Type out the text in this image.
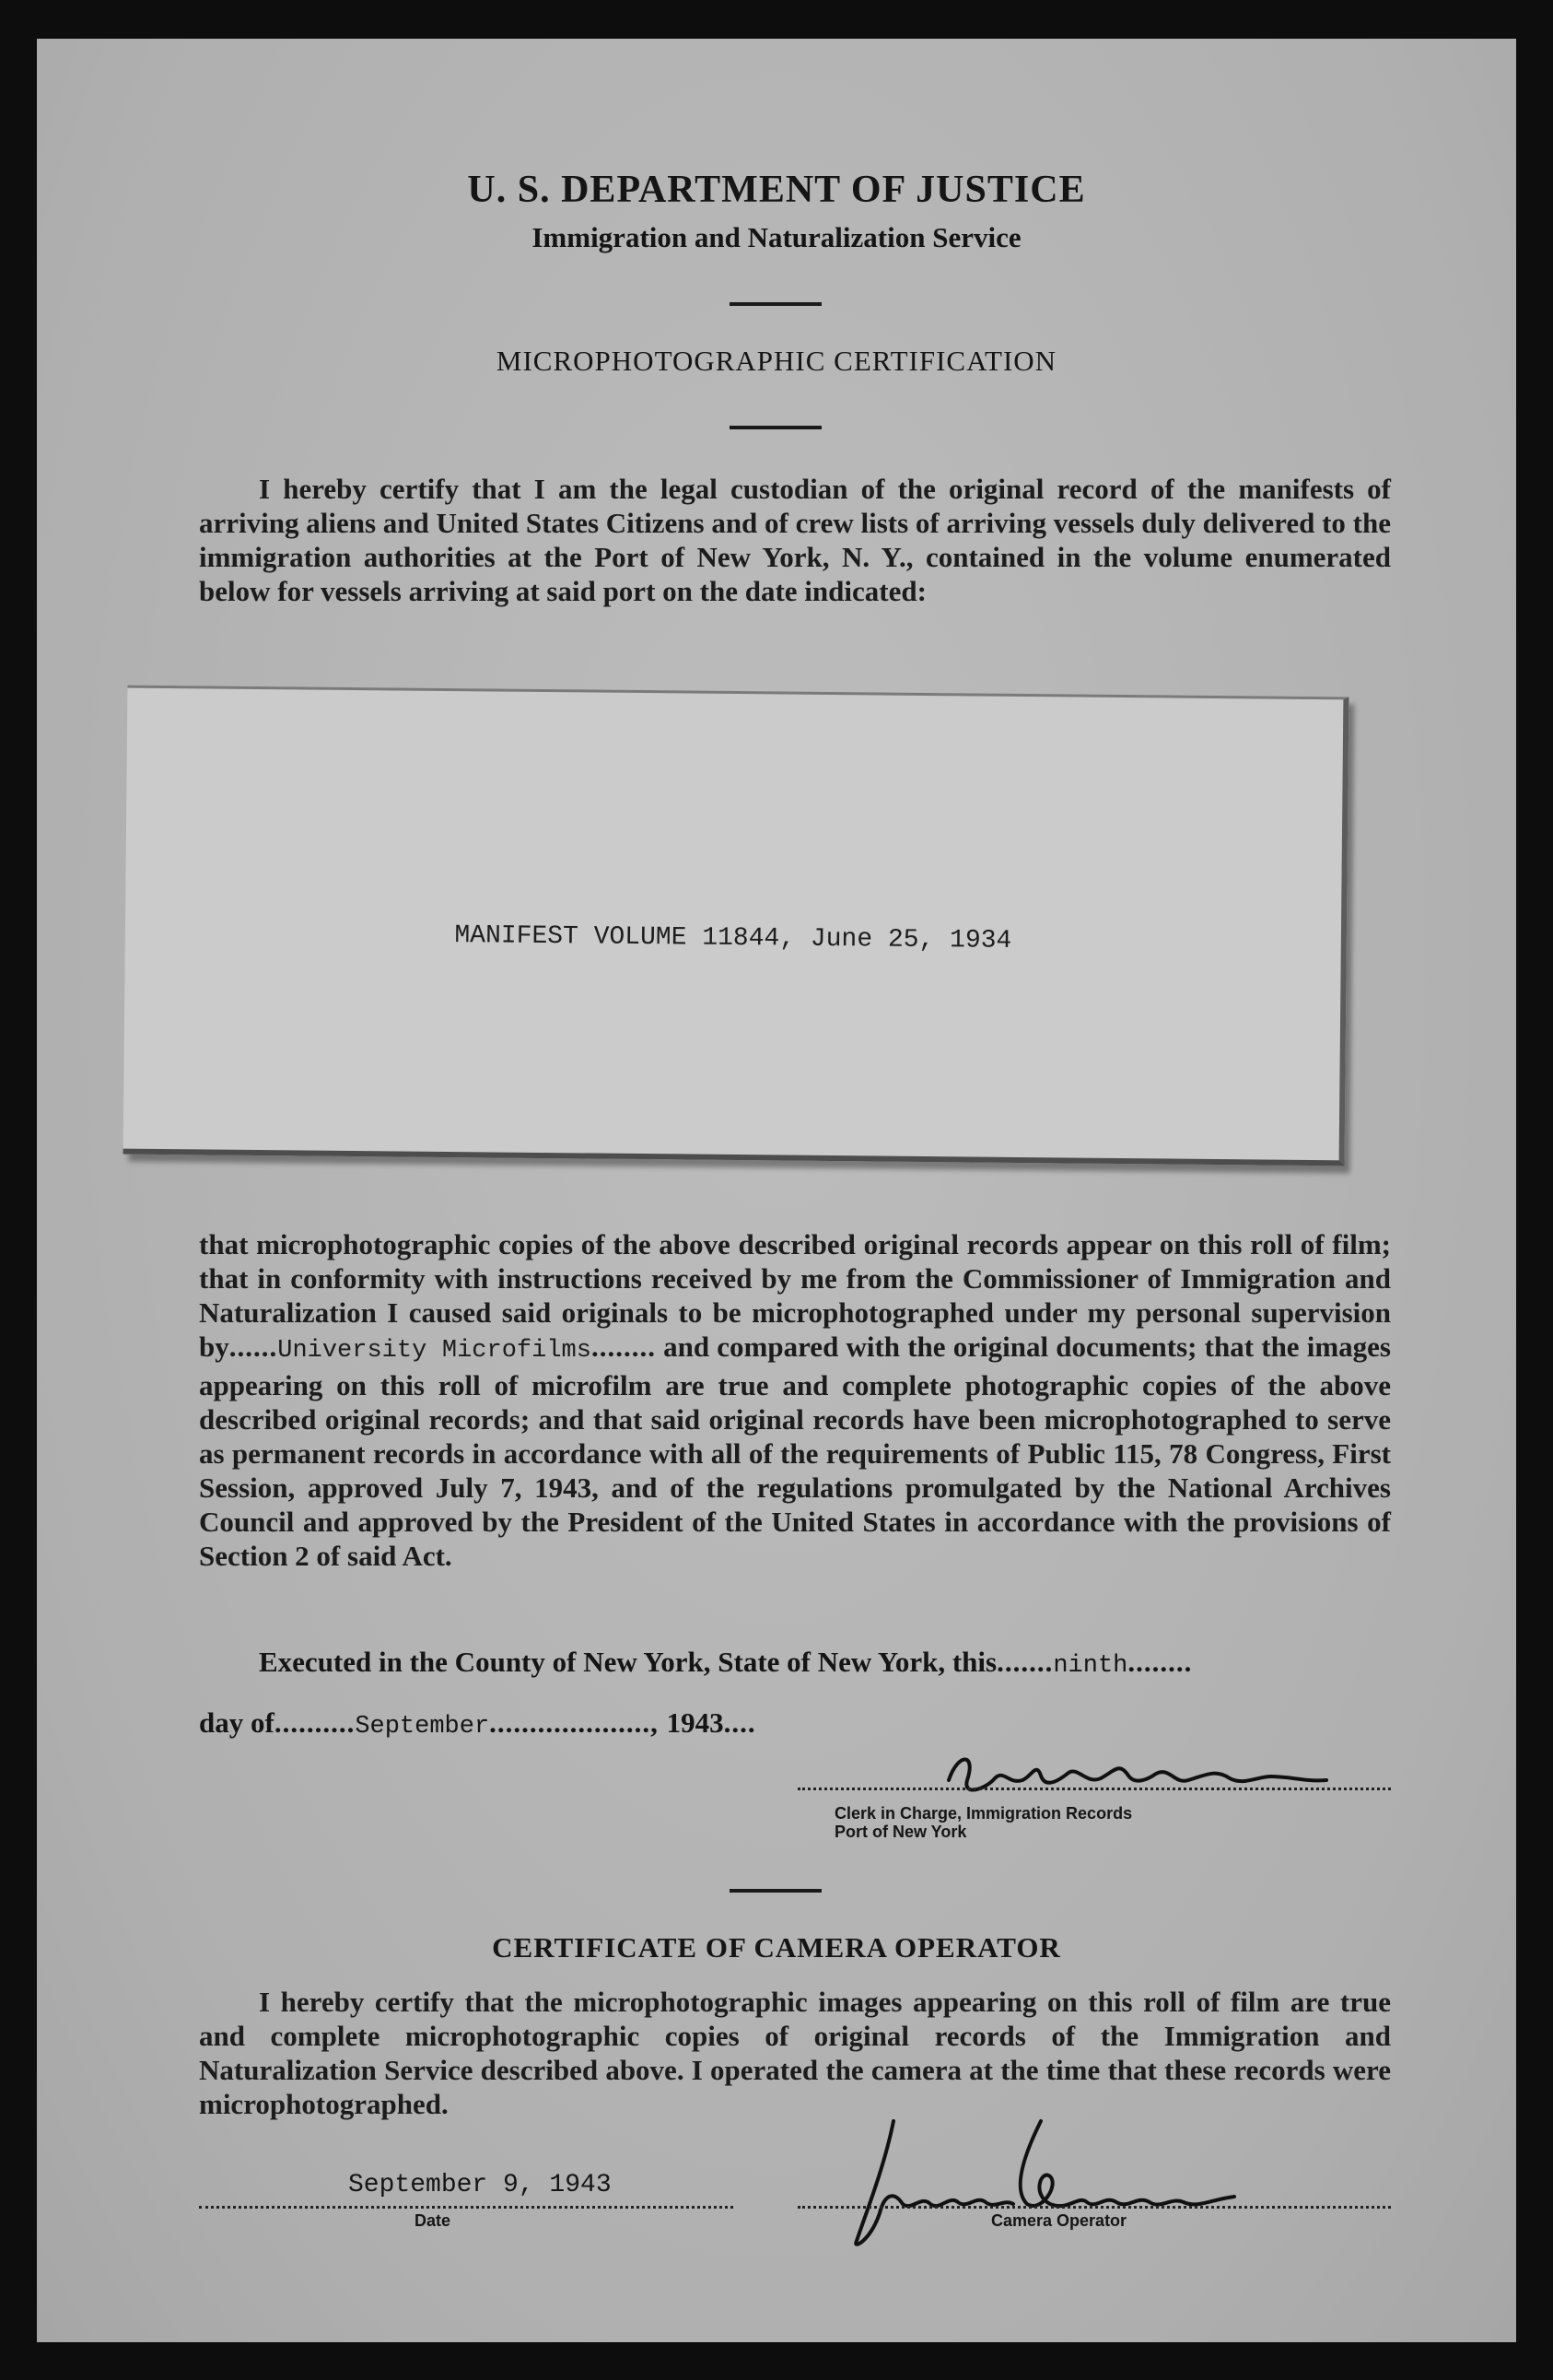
U. S. DEPARTMENT OF JUSTICE
Immigration and Naturalization Service
MICROPHOTOGRAPHIC CERTIFICATION
I hereby certify that I am the legal custodian of the original record of the manifests of arriving aliens and United States Citizens and of crew lists of arriving vessels duly delivered to the immigration authorities at the Port of New York, N. Y., contained in the volume enumerated below for vessels arriving at said port on the date indicated:
MANIFEST VOLUME 11844, June 25, 1934
that microphotographic copies of the above described original records appear on this roll of film; that in conformity with instructions received by me from the Commissioner of Immigration and Naturalization I caused said originals to be microphotographed under my personal supervision by......University Microfilms........ and compared with the original documents; that the images appearing on this roll of microfilm are true and complete photographic copies of the above described original records; and that said original records have been microphotographed to serve as permanent records in accordance with all of the requirements of Public 115, 78 Congress, First Session, approved July 7, 1943, and of the regulations promulgated by the National Archives Council and approved by the President of the United States in accordance with the provisions of Section 2 of said Act.
Executed in the County of New York, State of New York, this.......ninth........
day of..........September...................., 1943....
Clerk in Charge, Immigration Records
Port of New York
CERTIFICATE OF CAMERA OPERATOR
I hereby certify that the microphotographic images appearing on this roll of film are true and complete microphotographic copies of original records of the Immigration and Naturalization Service described above. I operated the camera at the time that these records were microphotographed.
September 9, 1943
Date	Camera Operator
